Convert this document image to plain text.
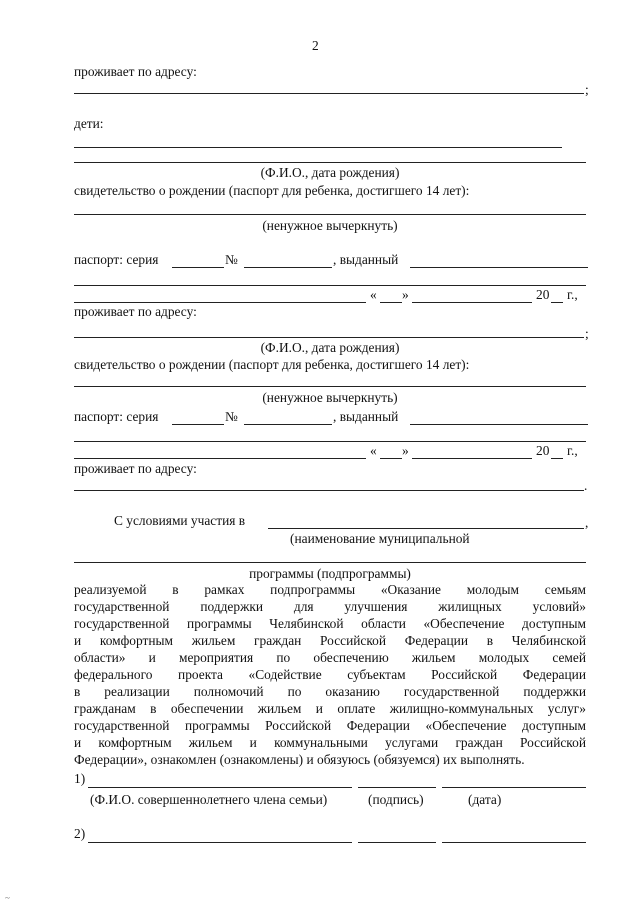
2
проживает по адресу:
;
дети:
(Ф.И.О., дата рождения)
свидетельство о рождении (паспорт для ребенка, достигшего 14 лет):
(ненужное вычеркнуть)
паспорт: серия	№	, выданный
« »	20 г.,
проживает по адресу:
;
(Ф.И.О., дата рождения)
свидетельство о рождении (паспорт для ребенка, достигшего 14 лет):
(ненужное вычеркнуть)
паспорт: серия	№	, выданный
« »	20 г.,
проживает по адресу:
.
С условиями участия в	,
(наименование муниципальной
программы (подпрограммы)
реализуемой в рамках подпрограммы «Оказание молодым семьям
государственной поддержки для улучшения жилищных условий»
государственной программы Челябинской области «Обеспечение доступным
и комфортным жильем граждан Российской Федерации в Челябинской
области» и мероприятия по обеспечению жильем молодых семей
федерального проекта «Содействие субъектам Российской Федерации
в реализации полномочий по оказанию государственной поддержки
гражданам в обеспечении жильем и оплате жилищно-коммунальных услуг»
государственной программы Российской Федерации «Обеспечение доступным
и комфортным жильем и коммунальными услугами граждан Российской
Федерации», ознакомлен (ознакомлены) и обязуюсь (обязуемся) их выполнять.
1)
(Ф.И.О. совершеннолетнего члена семьи)	(подпись)	(дата)
2)
~
